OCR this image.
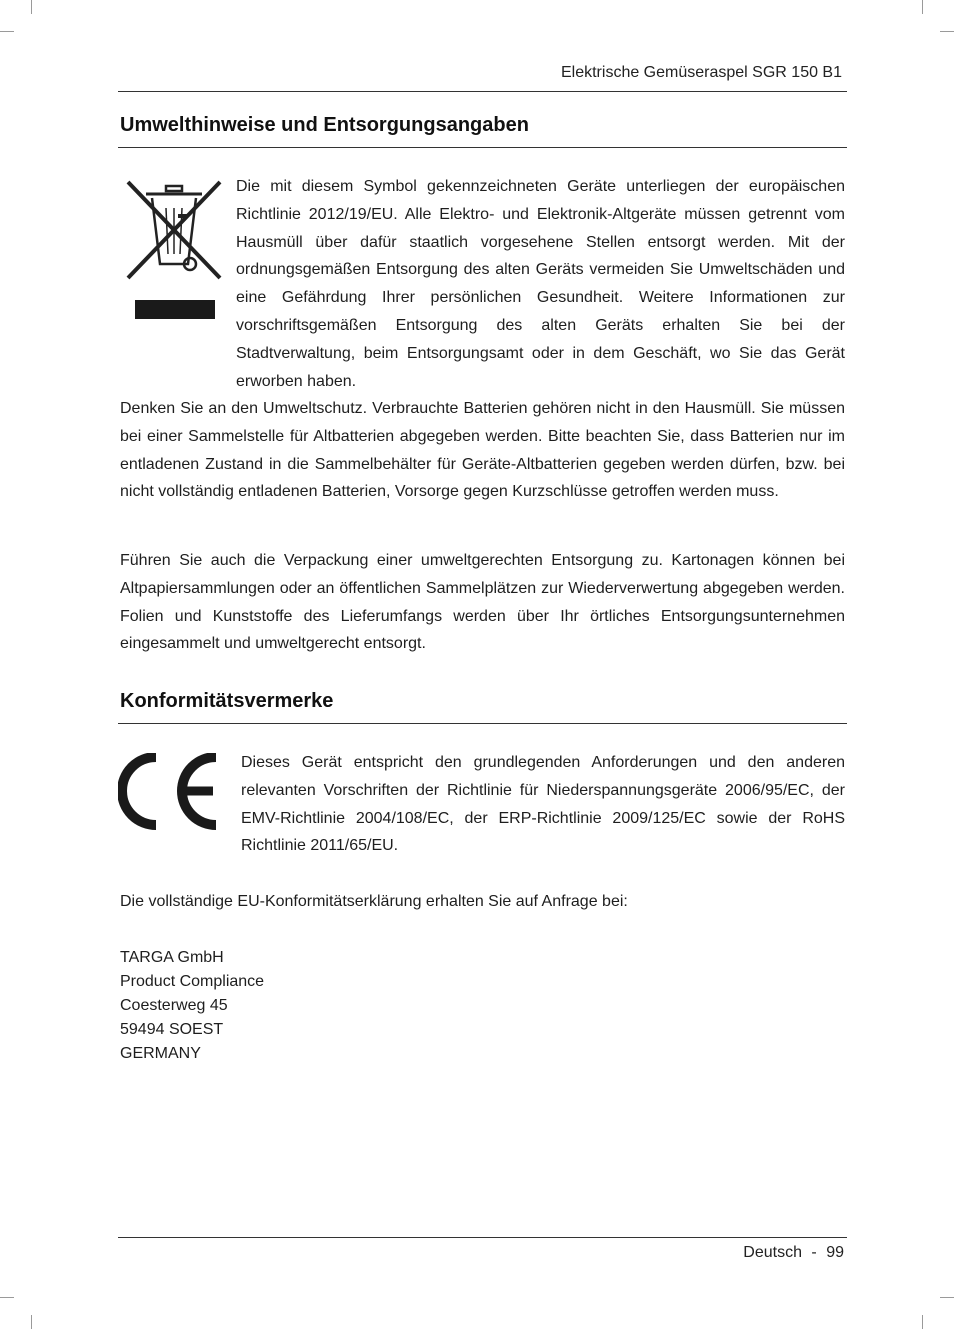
Elektrische Gemüseraspel SGR 150 B1
Umwelthinweise und Entsorgungsangaben
Die mit diesem Symbol gekennzeichneten Geräte unterliegen der europäischen Richtlinie 2012/19/EU. Alle Elektro- und Elektronik-Altgeräte müssen getrennt vom Hausmüll über dafür staatlich vorgesehene Stellen entsorgt werden. Mit der ordnungsgemäßen Entsorgung des alten Geräts vermeiden Sie Umweltschäden und eine Gefährdung Ihrer persönlichen Gesundheit. Weitere Informationen zur vorschriftsgemäßen Entsorgung des alten Geräts erhalten Sie bei der Stadtverwaltung, beim Entsorgungsamt oder in dem Geschäft, wo Sie das Gerät erworben haben.
Denken Sie an den Umweltschutz. Verbrauchte Batterien gehören nicht in den Hausmüll. Sie müssen bei einer Sammelstelle für Altbatterien abgegeben werden. Bitte beachten Sie, dass Batterien nur im entladenen Zustand in die Sammelbehälter für Geräte-Altbatterien gegeben werden dürfen, bzw. bei nicht vollständig entladenen Batterien, Vorsorge gegen Kurzschlüsse getroffen werden muss.
Führen Sie auch die Verpackung einer umweltgerechten Entsorgung zu. Kartonagen können bei Altpapiersammlungen oder an öffentlichen Sammelplätzen zur Wiederverwertung abgegeben werden. Folien und Kunststoffe des Lieferumfangs werden über Ihr örtliches Entsorgungsunternehmen eingesammelt und umweltgerecht entsorgt.
Konformitätsvermerke
Dieses Gerät entspricht den grundlegenden Anforderungen und den anderen relevanten Vorschriften der Richtlinie für Niederspannungsgeräte 2006/95/EC, der EMV-Richtlinie 2004/108/EC, der ERP-Richtlinie 2009/125/EC sowie der RoHS Richtlinie 2011/65/EU.
Die vollständige EU-Konformitätserklärung erhalten Sie auf Anfrage bei:
TARGA GmbH
Product Compliance
Coesterweg 45
59494 SOEST
GERMANY
Deutsch - 99
